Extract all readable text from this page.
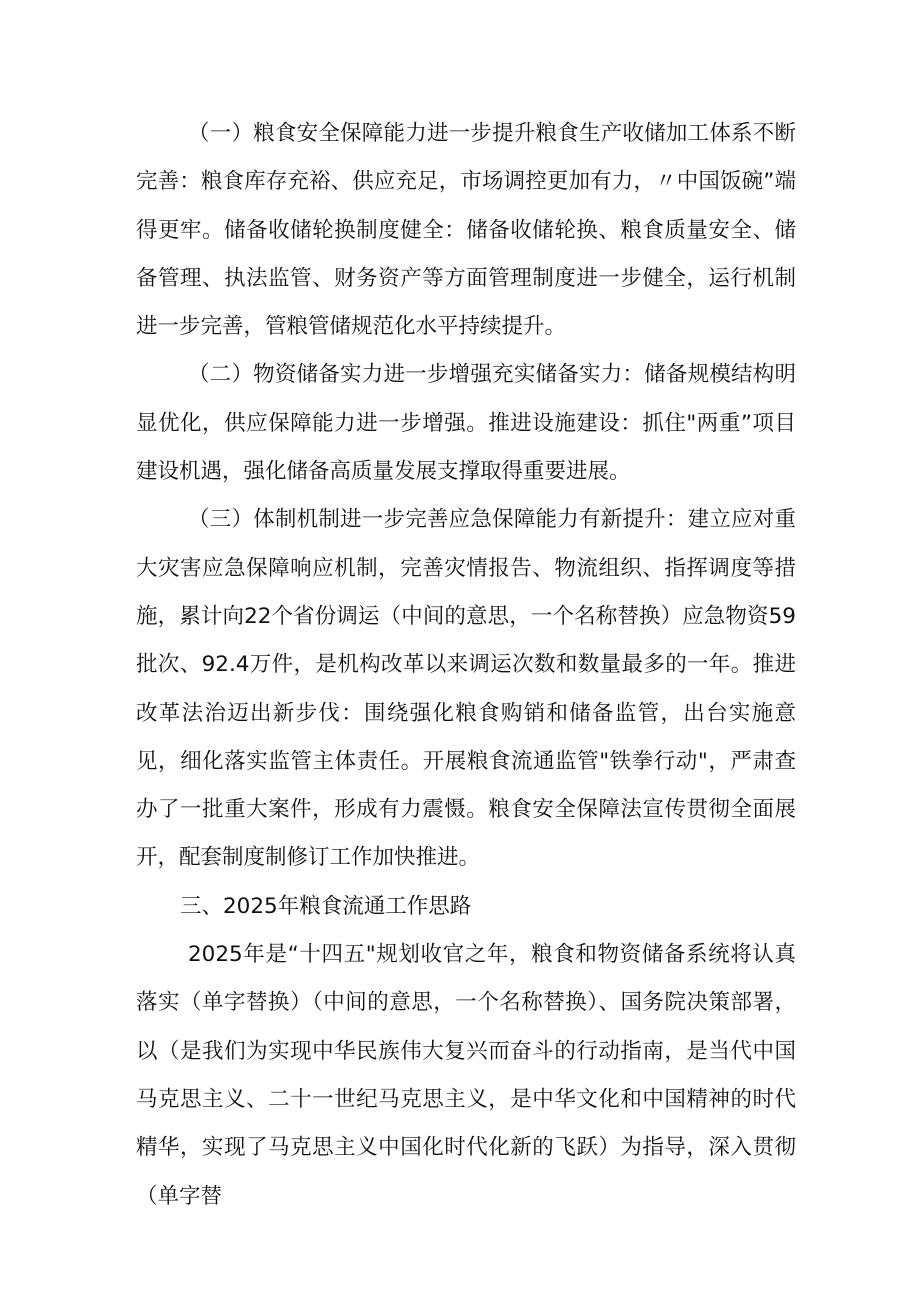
（一）粮食安全保障能力进一步提升粮食生产收储加工体系不断完善：粮食库存充裕、供应充足，市场调控更加有力，〃中国饭碗”端得更牢。储备收储轮换制度健全：储备收储轮换、粮食质量安全、储备管理、执法监管、财务资产等方面管理制度进一步健全，运行机制进一步完善，管粮管储规范化水平持续提升。

（二）物资储备实力进一步增强充实储备实力：储备规模结构明显优化，供应保障能力进一步增强。推进设施建设：抓住"两重”项目建设机遇，强化储备高质量发展支撑取得重要进展。

（三）体制机制进一步完善应急保障能力有新提升：建立应对重大灾害应急保障响应机制，完善灾情报告、物流组织、指挥调度等措施，累计向22个省份调运（中间的意思，一个名称替换）应急物资59批次、92.4万件，是机构改革以来调运次数和数量最多的一年。推进改革法治迈出新步伐：围绕强化粮食购销和储备监管，出台实施意见，细化落实监管主体责任。开展粮食流通监管"铁拳行动"，严肃查办了一批重大案件，形成有力震慑。粮食安全保障法宣传贯彻全面展开，配套制度制修订工作加快推进。

三、2025年粮食流通工作思路

2025年是“十四五"规划收官之年，粮食和物资储备系统将认真落实（单字替换）（中间的意思，一个名称替换）、国务院决策部署，以（是我们为实现中华民族伟大复兴而奋斗的行动指南，是当代中国马克思主义、二十一世纪马克思主义，是中华文化和中国精神的时代精华，实现了马克思主义中国化时代化新的飞跃）为指导，深入贯彻（单字替
